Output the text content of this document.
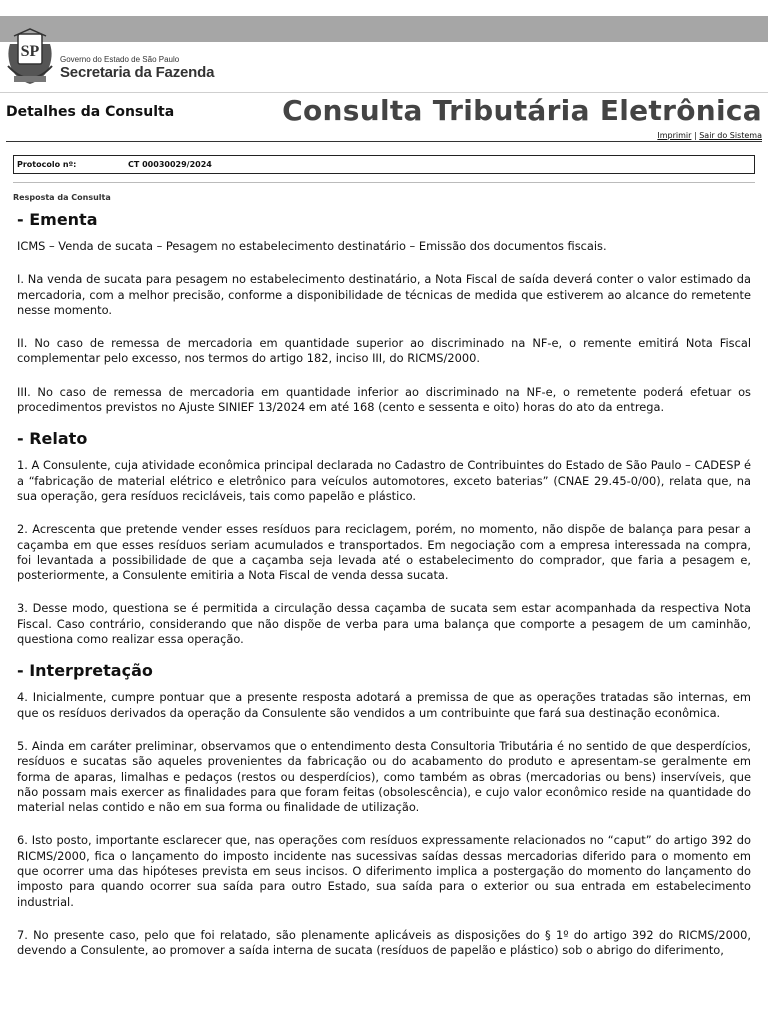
SP	Governo do Estado de São Paulo
Secretaria da Fazenda
Detalhes da Consulta	Consulta Tributária Eletrônica
Imprimir | Sair do Sistema
Protocolo nº:	CT 00030029/2024
Resposta da Consulta
- Ementa

ICMS – Venda de sucata – Pesagem no estabelecimento destinatário – Emissão dos documentos fiscais.

I. Na venda de sucata para pesagem no estabelecimento destinatário, a Nota Fiscal de saída deverá conter o valor estimado da mercadoria, com a melhor precisão, conforme a disponibilidade de técnicas de medida que estiverem ao alcance do remetente nesse momento.

II. No caso de remessa de mercadoria em quantidade superior ao discriminado na NF-e, o remente emitirá Nota Fiscal complementar pelo excesso, nos termos do artigo 182, inciso III, do RICMS/2000.

III. No caso de remessa de mercadoria em quantidade inferior ao discriminado na NF-e, o remetente poderá efetuar os procedimentos previstos no Ajuste SINIEF 13/2024 em até 168 (cento e sessenta e oito) horas do ato da entrega.

- Relato

1. A Consulente, cuja atividade econômica principal declarada no Cadastro de Contribuintes do Estado de São Paulo – CADESP é a “fabricação de material elétrico e eletrônico para veículos automotores, exceto baterias” (CNAE 29.45-0/00), relata que, na sua operação, gera resíduos recicláveis, tais como papelão e plástico.

2. Acrescenta que pretende vender esses resíduos para reciclagem, porém, no momento, não dispõe de balança para pesar a caçamba em que esses resíduos seriam acumulados e transportados. Em negociação com a empresa interessada na compra, foi levantada a possibilidade de que a caçamba seja levada até o estabelecimento do comprador, que faria a pesagem e, posteriormente, a Consulente emitiria a Nota Fiscal de venda dessa sucata.

3. Desse modo, questiona se é permitida a circulação dessa caçamba de sucata sem estar acompanhada da respectiva Nota Fiscal. Caso contrário, considerando que não dispõe de verba para uma balança que comporte a pesagem de um caminhão, questiona como realizar essa operação.

- Interpretação

4. Inicialmente, cumpre pontuar que a presente resposta adotará a premissa de que as operações tratadas são internas, em que os resíduos derivados da operação da Consulente são vendidos a um contribuinte que fará sua destinação econômica.

5. Ainda em caráter preliminar, observamos que o entendimento desta Consultoria Tributária é no sentido de que desperdícios, resíduos e sucatas são aqueles provenientes da fabricação ou do acabamento do produto e apresentam-se geralmente em forma de aparas, limalhas e pedaços (restos ou desperdícios), como também as obras (mercadorias ou bens) inservíveis, que não possam mais exercer as finalidades para que foram feitas (obsolescência), e cujo valor econômico reside na quantidade do material nelas contido e não em sua forma ou finalidade de utilização.

6. Isto posto, importante esclarecer que, nas operações com resíduos expressamente relacionados no “caput” do artigo 392 do RICMS/2000, fica o lançamento do imposto incidente nas sucessivas saídas dessas mercadorias diferido para o momento em que ocorrer uma das hipóteses prevista em seus incisos. O diferimento implica a postergação do momento do lançamento do imposto para quando ocorrer sua saída para outro Estado, sua saída para o exterior ou sua entrada em estabelecimento industrial.

7. No presente caso, pelo que foi relatado, são plenamente aplicáveis as disposições do § 1º do artigo 392 do RICMS/2000, devendo a Consulente, ao promover a saída interna de sucata (resíduos de papelão e plástico) sob o abrigo do diferimento,
